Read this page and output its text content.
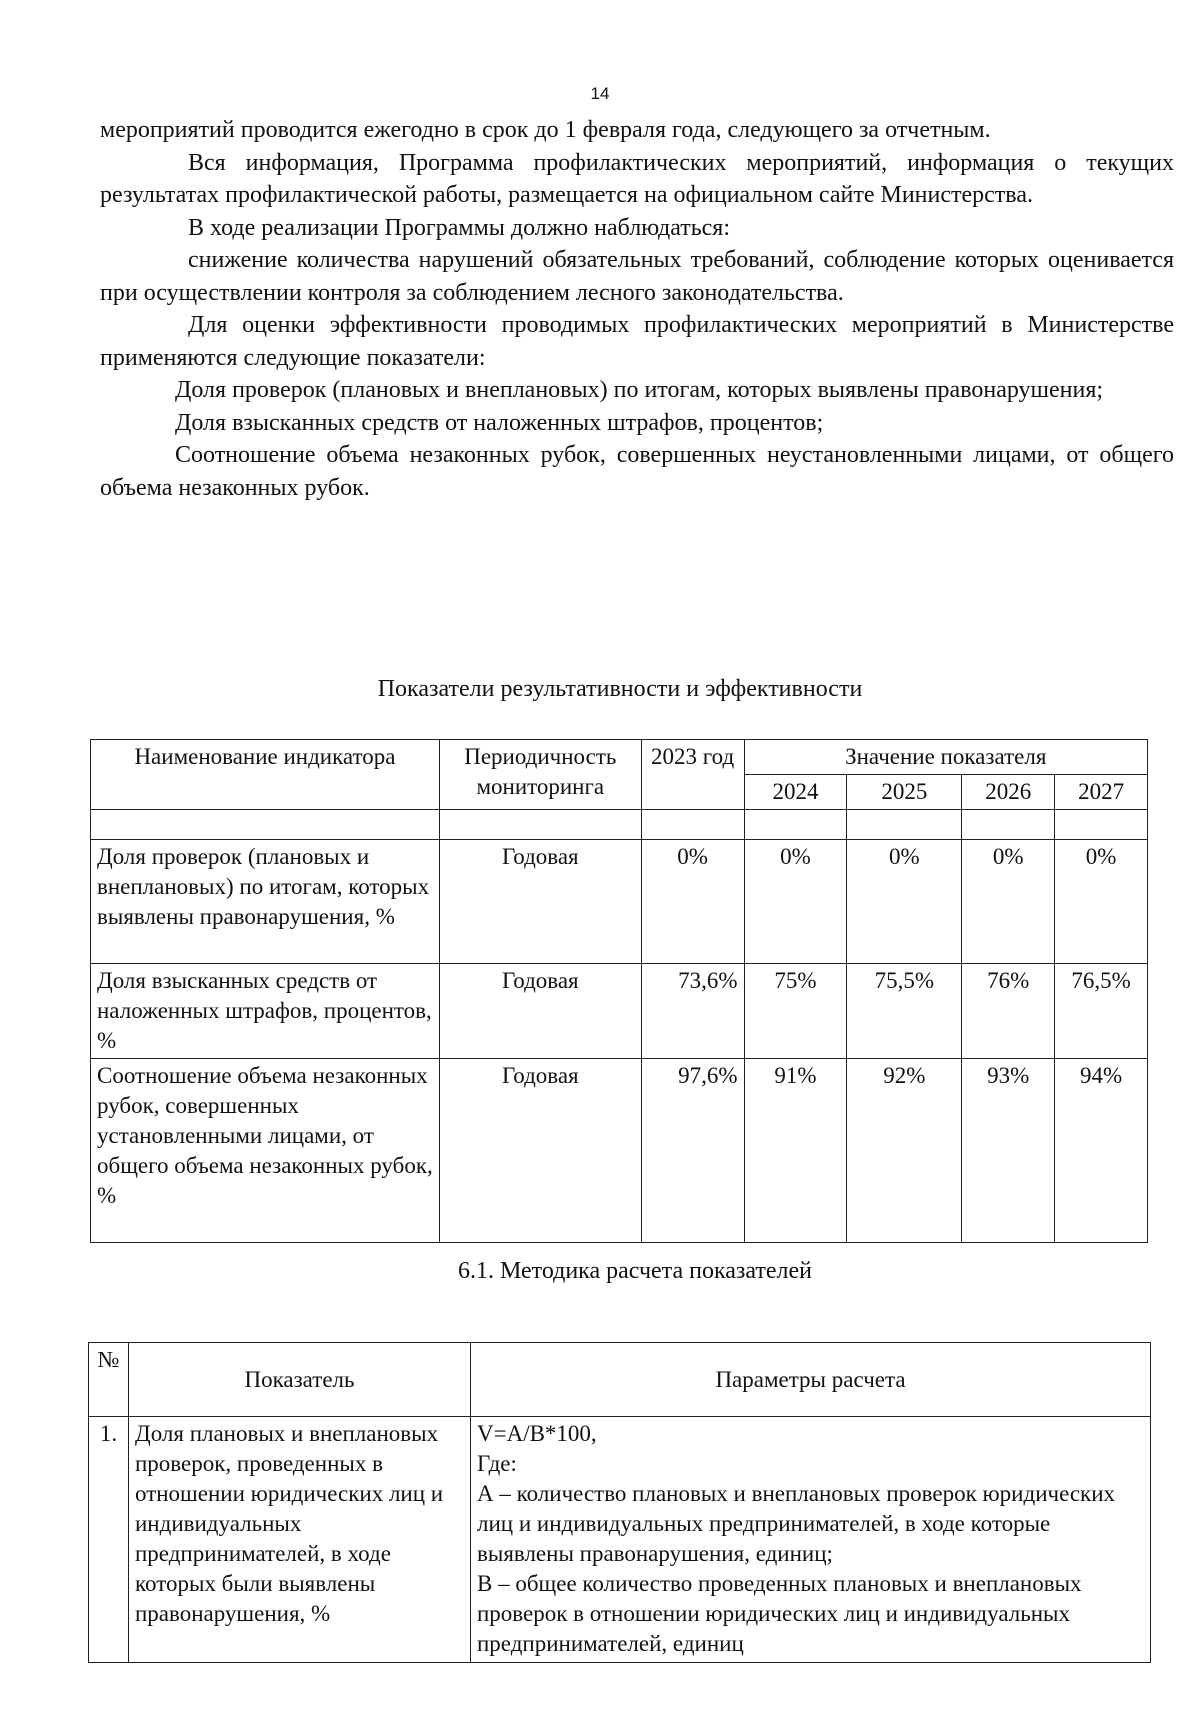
14

мероприятий проводится ежегодно в срок до 1 февраля года, следующего за отчетным.

Вся информация, Программа профилактических мероприятий, информация о текущих результатах профилактической работы, размещается на официальном сайте Министерства.

В ходе реализации Программы должно наблюдаться:

снижение количества нарушений обязательных требований, соблюдение которых оценивается при осуществлении контроля за соблюдением лесного законодательства.

Для оценки эффективности проводимых профилактических мероприятий в Министерстве применяются следующие показатели:

Доля проверок (плановых и внеплановых) по итогам, которых выявлены правонарушения;

Доля взысканных средств от наложенных штрафов, процентов;

Соотношение объема незаконных рубок, совершенных неустановленными лицами, от общего объема незаконных рубок.

Показатели результативности и эффективности
Наименование индикатора	Периодичность мониторинга	2023 год	Значение показателя			
			2024	2025	2026	2027

Доля проверок (плановых и внеплановых) по итогам, которых выявлены правонарушения, %	Годовая	0%	0%	0%	0%	0%
Доля взысканных средств от наложенных штрафов, процентов, %	Годовая	73,6%	75%	75,5%	76%	76,5%
Соотношение объема незаконных рубок, совершенных установленными лицами, от общего объема незаконных рубок, %	Годовая	97,6%	91%	92%	93%	94%
6.1. Методика расчета показателей
№	Показатель	Параметры расчета
1.	Доля плановых и внеплановых проверок, проведенных в отношении юридических лиц и индивидуальных предпринимателей, в ходе которых были выявлены правонарушения, %	V=A/B*100,
Где:
А – количество плановых и внеплановых проверок юридических лиц и индивидуальных предпринимателей, в ходе которые выявлены правонарушения, единиц;
В – общее количество проведенных плановых и внеплановых проверок в отношении юридических лиц и индивидуальных предпринимателей, единиц
